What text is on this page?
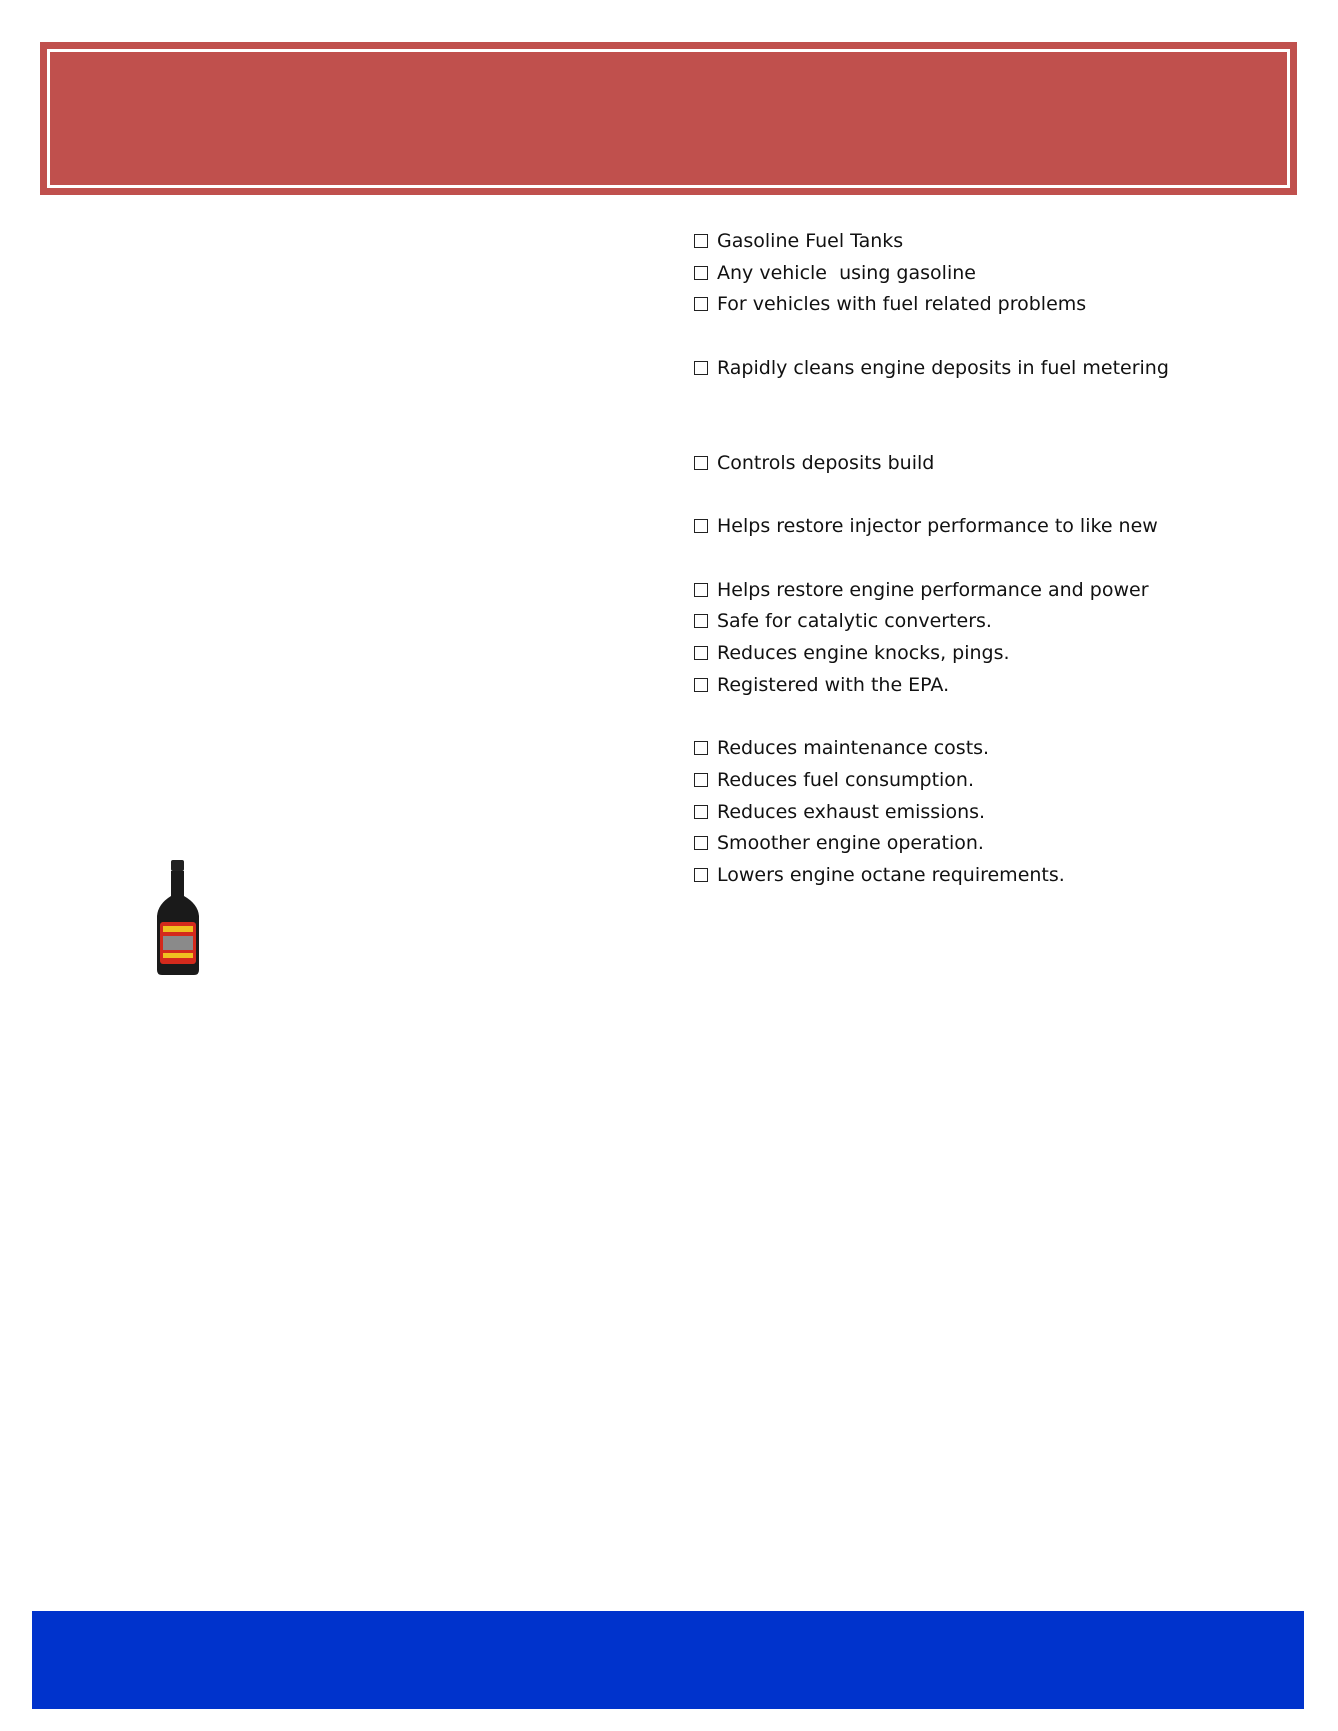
Gasoline Fuel Tanks
Any vehicle  using gasoline
For vehicles with fuel related problems
Rapidly cleans engine deposits in fuel metering
Controls deposits build
Helps restore injector performance to like new
Helps restore engine performance and power
Safe for catalytic converters.
Reduces engine knocks, pings.
Registered with the EPA.
Reduces maintenance costs.
Reduces fuel consumption.
Reduces exhaust emissions.
Smoother engine operation.
Lowers engine octane requirements.
